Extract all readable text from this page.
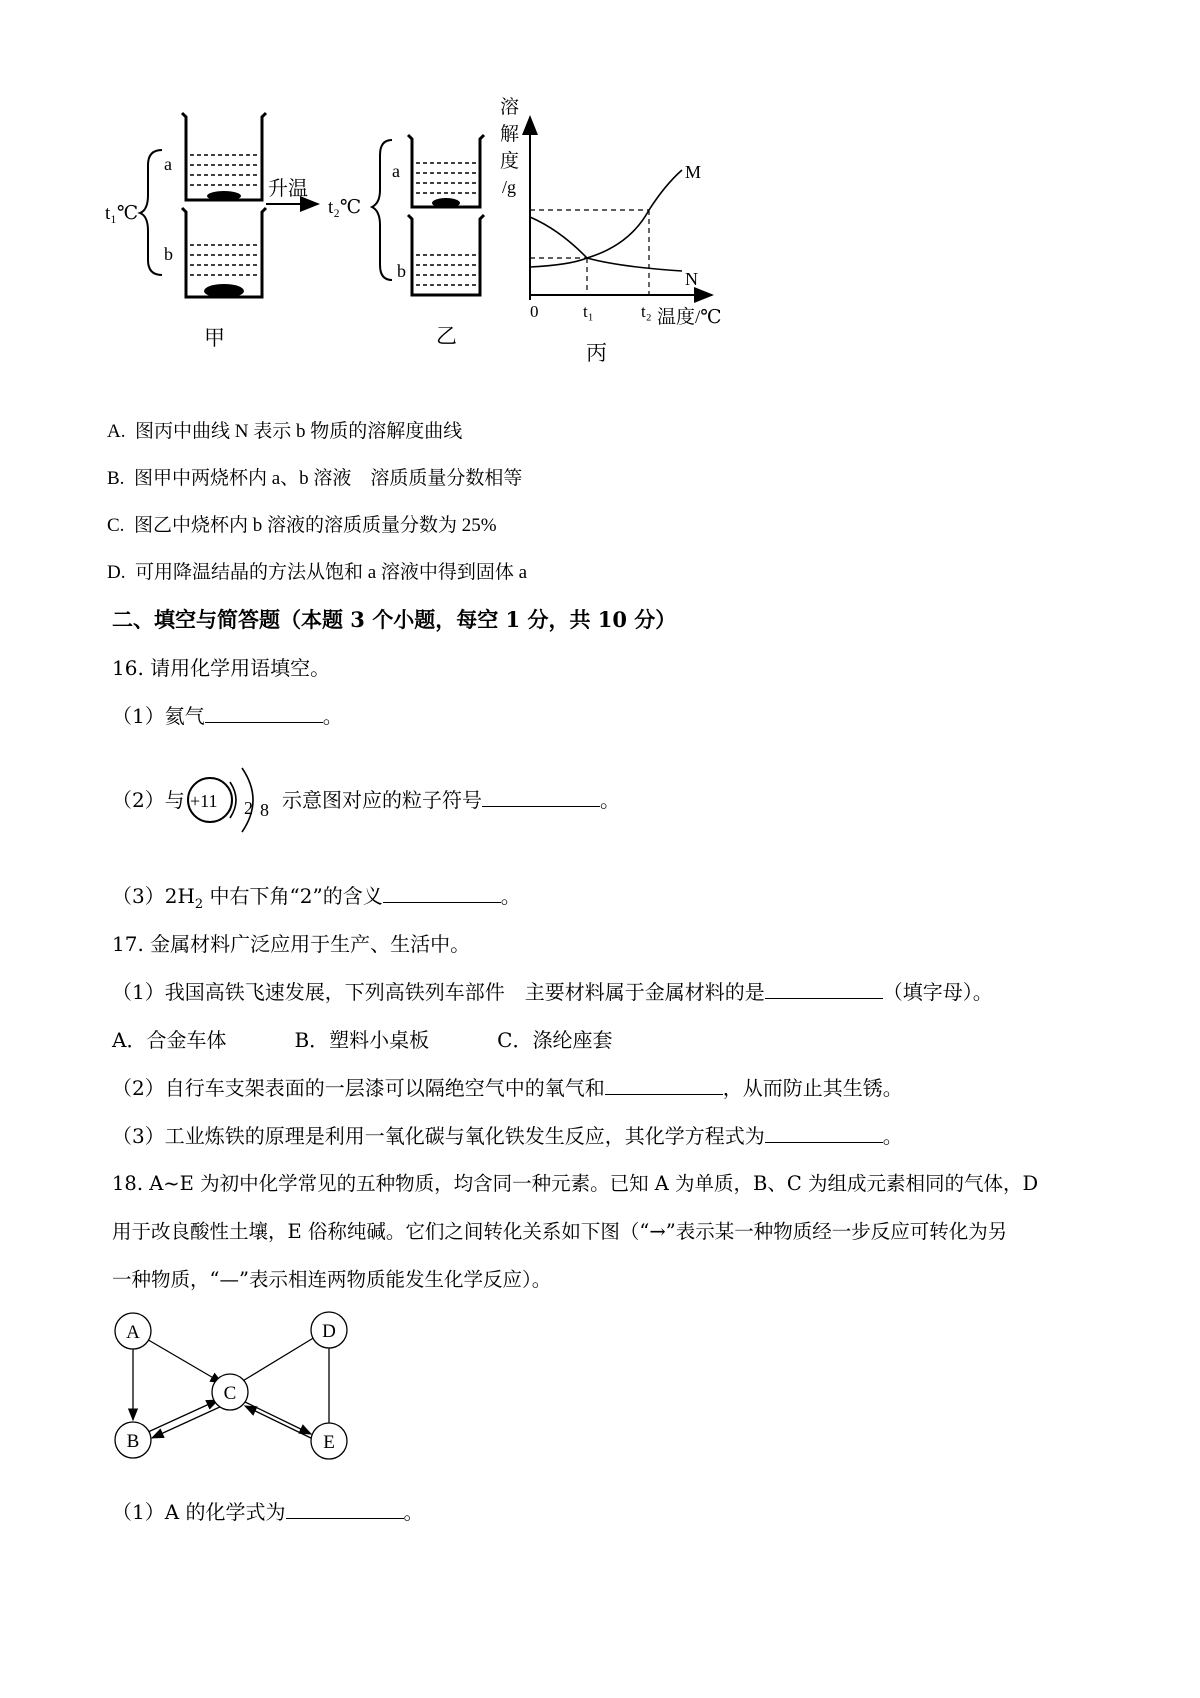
t₁℃
a
b
升温
t₂℃
a
b
溶
解
度
/g
M
N
0	t₁	t₂ 温度/℃
甲	乙
丙
A. 图丙中曲线 N 表示 b 物质的溶解度曲线
B. 图甲中两烧杯内 a、b 溶液　溶质质量分数相等
C. 图乙中烧杯内 b 溶液的溶质质量分数为 25%
D. 可用降温结晶的方法从饱和 a 溶液中得到固体 a
二、填空与简答题（本题 3 个小题，每空 1 分，共 10 分）
16. 请用化学用语填空。
（1）氦气	。
（2）与 +11 2 8 示意图对应的粒子符号	。
$(3)2H_2$ 中右下角“2”的含义	。
17. 金属材料广泛应用于生产、生活中。
（1）我国高铁飞速发展，下列高铁列车部件　主要材料属于金属材料的是	（填字母）。
A．合金车体	B．塑料小桌板	C．涤纶座套
（2）自行车支架表面的一层漆可以隔绝空气中的氧气和	，从而防止其生锈。
（3）工业炼铁的原理是利用一氧化碳与氧化铁发生反应，其化学方程式为	。
18. A~E 为初中化学常见的五种物质，均含同一种元素。已知 A 为单质，B、C 为组成元素相同的气体，D
用于改良酸性土壤，E 俗称纯碱。它们之间转化关系如下图（“→”表示某一种物质经一步反应可转化为另
一种物质，“—”表示相连两物质能发生化学反应）。
A
B
C
D
E
（1）A 的化学式为	。
